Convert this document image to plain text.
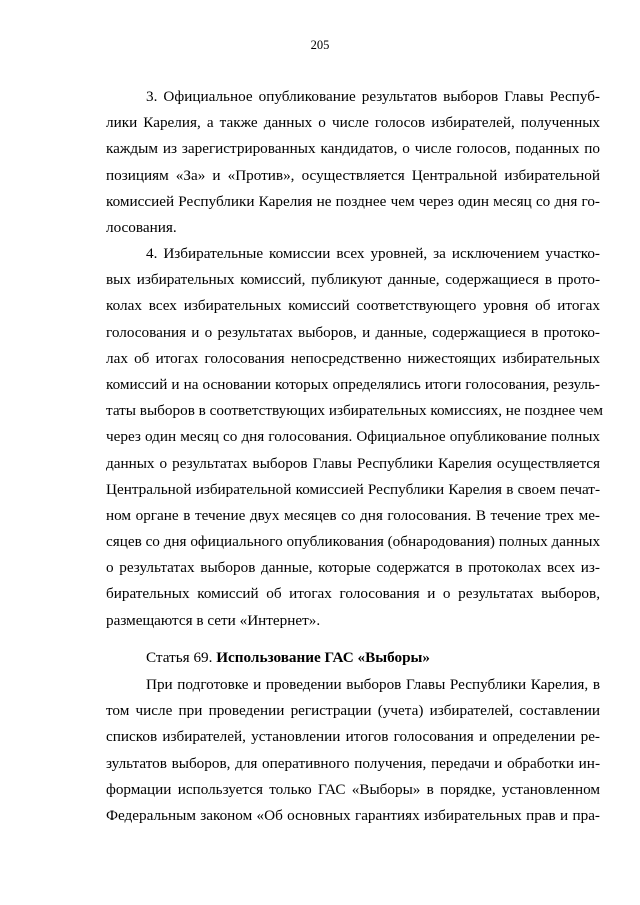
205
3. Официальное опубликование результатов выборов Главы Респуб-
лики Карелия, а также данных о числе голосов избирателей, полученных
каждым из зарегистрированных кандидатов, о числе голосов, поданных по
позициям «За» и «Против», осуществляется Центральной избирательной
комиссией Республики Карелия не позднее чем через один месяц со дня го-
лосования.
4. Избирательные комиссии всех уровней, за исключением участко-
вых избирательных комиссий, публикуют данные, содержащиеся в прото-
колах всех избирательных комиссий соответствующего уровня об итогах
голосования и о результатах выборов, и данные, содержащиеся в протоко-
лах об итогах голосования непосредственно нижестоящих избирательных
комиссий и на основании которых определялись итоги голосования, резуль-
таты выборов в соответствующих избирательных комиссиях, не позднее чем
через один месяц со дня голосования. Официальное опубликование полных
данных о результатах выборов Главы Республики Карелия осуществляется
Центральной избирательной комиссией Республики Карелия в своем печат-
ном органе в течение двух месяцев со дня голосования. В течение трех ме-
сяцев со дня официального опубликования (обнародования) полных данных
о результатах выборов данные, которые содержатся в протоколах всех из-
бирательных комиссий об итогах голосования и о результатах выборов,
размещаются в сети «Интернет».
Статья 69. Использование ГАС «Выборы»
При подготовке и проведении выборов Главы Республики Карелия, в
том числе при проведении регистрации (учета) избирателей, составлении
списков избирателей, установлении итогов голосования и определении ре-
зультатов выборов, для оперативного получения, передачи и обработки ин-
формации используется только ГАС «Выборы» в порядке, установленном
Федеральным законом «Об основных гарантиях избирательных прав и пра-
